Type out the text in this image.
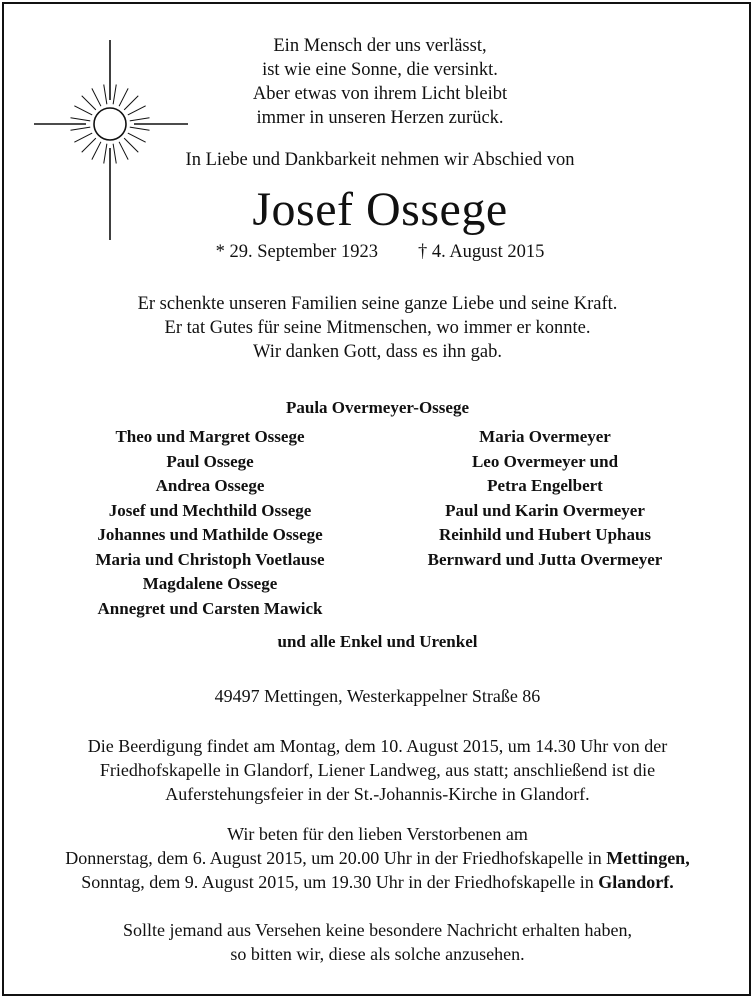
Ein Mensch der uns verlässt,
ist wie eine Sonne, die versinkt.
Aber etwas von ihrem Licht bleibt
immer in unseren Herzen zurück.
In Liebe und Dankbarkeit nehmen wir Abschied von
Josef Ossege
* 29. September 1923 † 4. August 2015
Er schenkte unseren Familien seine ganze Liebe und seine Kraft.
Er tat Gutes für seine Mitmenschen, wo immer er konnte.
Wir danken Gott, dass es ihn gab.
Paula Overmeyer-Ossege
Theo und Margret Ossege
Paul Ossege
Andrea Ossege
Josef und Mechthild Ossege
Johannes und Mathilde Ossege
Maria und Christoph Voetlause
Magdalene Ossege
Annegret und Carsten Mawick
Maria Overmeyer
Leo Overmeyer und
Petra Engelbert
Paul und Karin Overmeyer
Reinhild und Hubert Uphaus
Bernward und Jutta Overmeyer
und alle Enkel und Urenkel
49497 Mettingen, Westerkappelner Straße 86
Die Beerdigung findet am Montag, dem 10. August 2015, um 14.30 Uhr von der
Friedhofskapelle in Glandorf, Liener Landweg, aus statt; anschließend ist die
Auferstehungsfeier in der St.-Johannis-Kirche in Glandorf.
Wir beten für den lieben Verstorbenen am
Donnerstag, dem 6. August 2015, um 20.00 Uhr in der Friedhofskapelle in Mettingen,
Sonntag, dem 9. August 2015, um 19.30 Uhr in der Friedhofskapelle in Glandorf.
Sollte jemand aus Versehen keine besondere Nachricht erhalten haben,
so bitten wir, diese als solche anzusehen.
